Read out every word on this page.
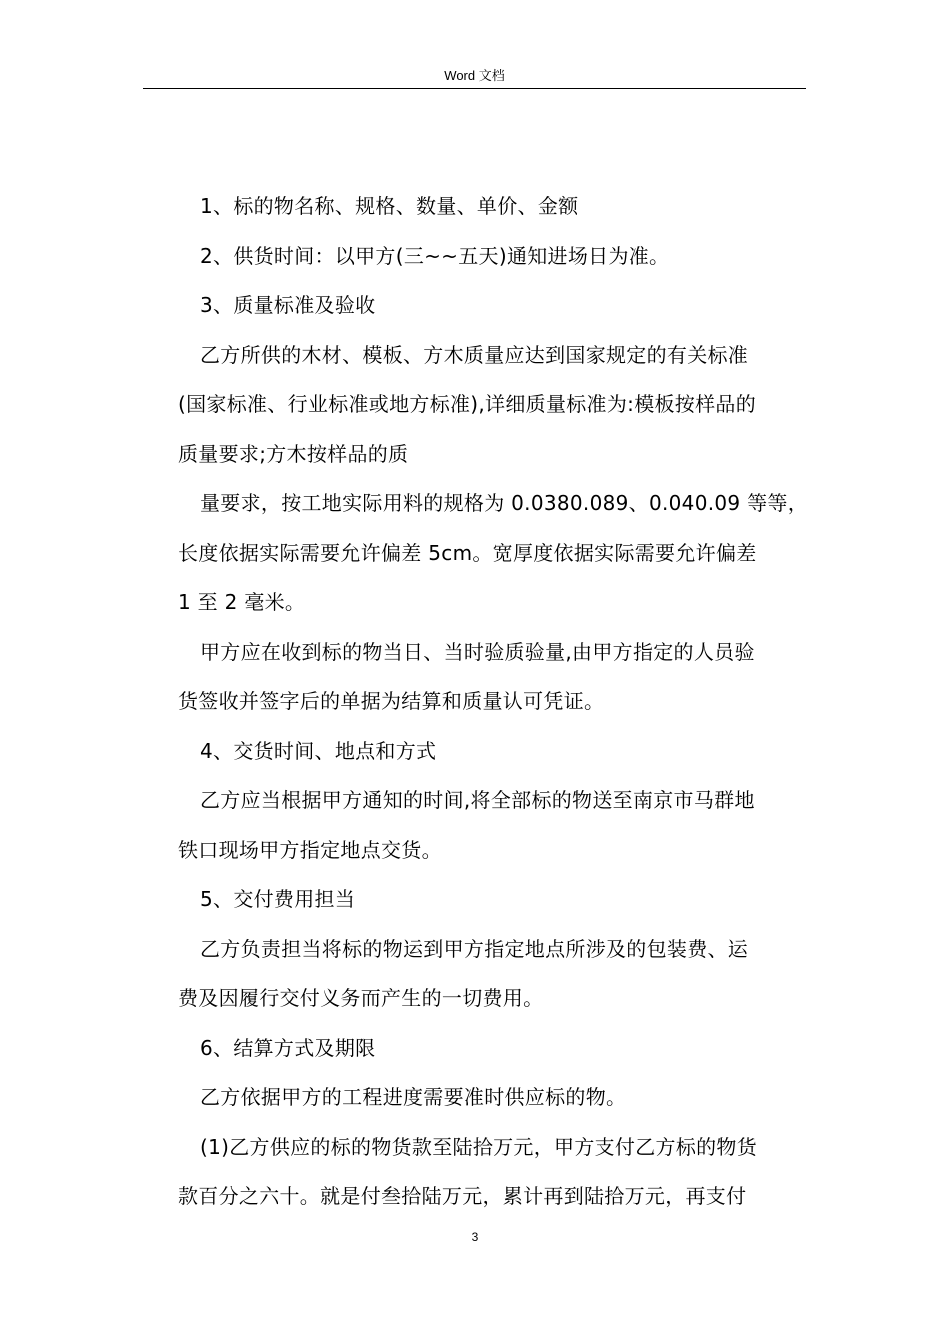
Word 文档
1、标的物名称、规格、数量、单价、金额
2、供货时间：以甲方(三~~五天)通知进场日为准。
3、质量标准及验收
乙方所供的木材、模板、方木质量应达到国家规定的有关标准
(国家标准、行业标准或地方标准),详细质量标准为:模板按样品的
质量要求;方木按样品的质
量要求，按工地实际用料的规格为 0.0380.089、0.040.09 等等，
长度依据实际需要允许偏差 5cm。宽厚度依据实际需要允许偏差
1 至 2 毫米。
甲方应在收到标的物当日、当时验质验量,由甲方指定的人员验
货签收并签字后的单据为结算和质量认可凭证。
4、交货时间、地点和方式
乙方应当根据甲方通知的时间,将全部标的物送至南京市马群地
铁口现场甲方指定地点交货。
5、交付费用担当
乙方负责担当将标的物运到甲方指定地点所涉及的包装费、运
费及因履行交付义务而产生的一切费用。
6、结算方式及期限
乙方依据甲方的工程进度需要准时供应标的物。
(1)乙方供应的标的物货款至陆拾万元，甲方支付乙方标的物货
款百分之六十。就是付叁拾陆万元，累计再到陆拾万元，再支付
3
